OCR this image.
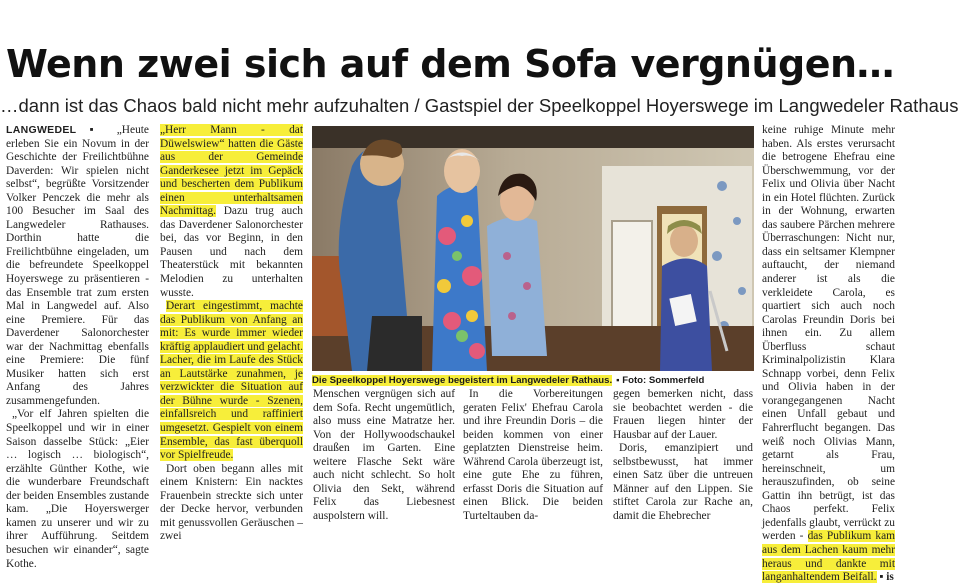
Wenn zwei sich auf dem Sofa vergnügen…
…dann ist das Chaos bald nicht mehr aufzuhalten / Gastspiel der Speelkoppel Hoyerswege im Langwedeler Rathaus

LANGWEDEL ▪ „Heute erleben Sie ein Novum in der Geschichte der Freilichtbühne Daverden: Wir spielen nicht selbst“, begrüßte Vorsitzender Volker Penczek die mehr als 100 Besucher im Saal des Langwedeler Rathauses. Dorthin hatte die Freilichtbühne eingeladen, um die befreundete Speelkoppel Hoyerswege zu präsentieren - das Ensemble trat zum ersten Mal in Langwedel auf. Also eine Premiere. Für das Daverdener Salonorchester war der Nachmittag ebenfalls eine Premiere: Die fünf Musiker hatten sich erst Anfang des Jahres zusammengefunden.

„Vor elf Jahren spielten die Speelkoppel und wir in einer Saison dasselbe Stück: „Eier … logisch … biologisch“, erzählte Günther Kothe, wie die wunderbare Freundschaft der beiden Ensembles zustande kam. „Die Hoyerswerger kamen zu unserer und wir zu ihrer Aufführung. Seitdem besuchen wir einander“, sagte Kothe.

„Herr Mann - dat Düwelswiew“ hatten die Gäste aus der Gemeinde Ganderkesee jetzt im Gepäck und bescherten dem Publikum einen unterhaltsamen Nachmittag. Dazu trug auch das Daverdener Salonorchester bei, das vor Beginn, in den Pausen und nach dem Theaterstück mit bekannten Melodien zu unterhalten wusste.

Derart eingestimmt, machte das Publikum von Anfang an mit: Es wurde immer wieder kräftig applaudiert und gelacht. Lacher, die im Laufe des Stück an Lautstärke zunahmen, je verzwickter die Situation auf der Bühne wurde - Szenen, einfallsreich und raffiniert umgesetzt. Gespielt von einem Ensemble, das fast überquoll vor Spielfreude.

Dort oben begann alles mit einem Knistern: Ein nacktes Frauenbein streckte sich unter der Decke hervor, verbunden mit genussvollen Geräuschen – zwei

Die Speelkoppel Hoyerswege begeistert im Langwedeler Rathaus. ▪ Foto: Sommerfeld

Menschen vergnügen sich auf dem Sofa. Recht ungemütlich, also muss eine Matratze her. Von der Hollywoodschaukel draußen im Garten. Eine weitere Flasche Sekt wäre auch nicht schlecht. So holt Olivia den Sekt, während Felix das Liebesnest auspolstern will.

In die Vorbereitungen geraten Felix' Ehefrau Carola und ihre Freundin Doris – die beiden kommen von einer geplatzten Dienstreise heim. Während Carola überzeugt ist, eine gute Ehe zu führen, erfasst Doris die Situation auf einen Blick. Die beiden Turteltauben da-

gegen bemerken nicht, dass sie beobachtet werden - die Frauen liegen hinter der Hausbar auf der Lauer.

Doris, emanzipiert und selbstbewusst, hat immer einen Satz über die untreuen Männer auf den Lippen. Sie stiftet Carola zur Rache an, damit die Ehebrecher

keine ruhige Minute mehr haben. Als erstes verursacht die betrogene Ehefrau eine Überschwemmung, vor der Felix und Olivia über Nacht in ein Hotel flüchten. Zurück in der Wohnung, erwarten das saubere Pärchen mehrere Überraschungen: Nicht nur, dass ein seltsamer Klempner auftaucht, der niemand anderer ist als die verkleidete Carola, es quartiert sich auch noch Carolas Freundin Doris bei ihnen ein. Zu allem Überfluss schaut Kriminalpolizistin Klara Schnapp vorbei, denn Felix und Olivia haben in der vorangegangenen Nacht einen Unfall gebaut und Fahrerflucht begangen. Das weiß noch Olivias Mann, getarnt als Frau, hereinschneit, um herauszufinden, ob seine Gattin ihn betrügt, ist das Chaos perfekt. Felix jedenfalls glaubt, verrückt zu werden - das Publikum kam aus dem Lachen kaum mehr heraus und dankte mit langanhaltendem Beifall. ▪ is
